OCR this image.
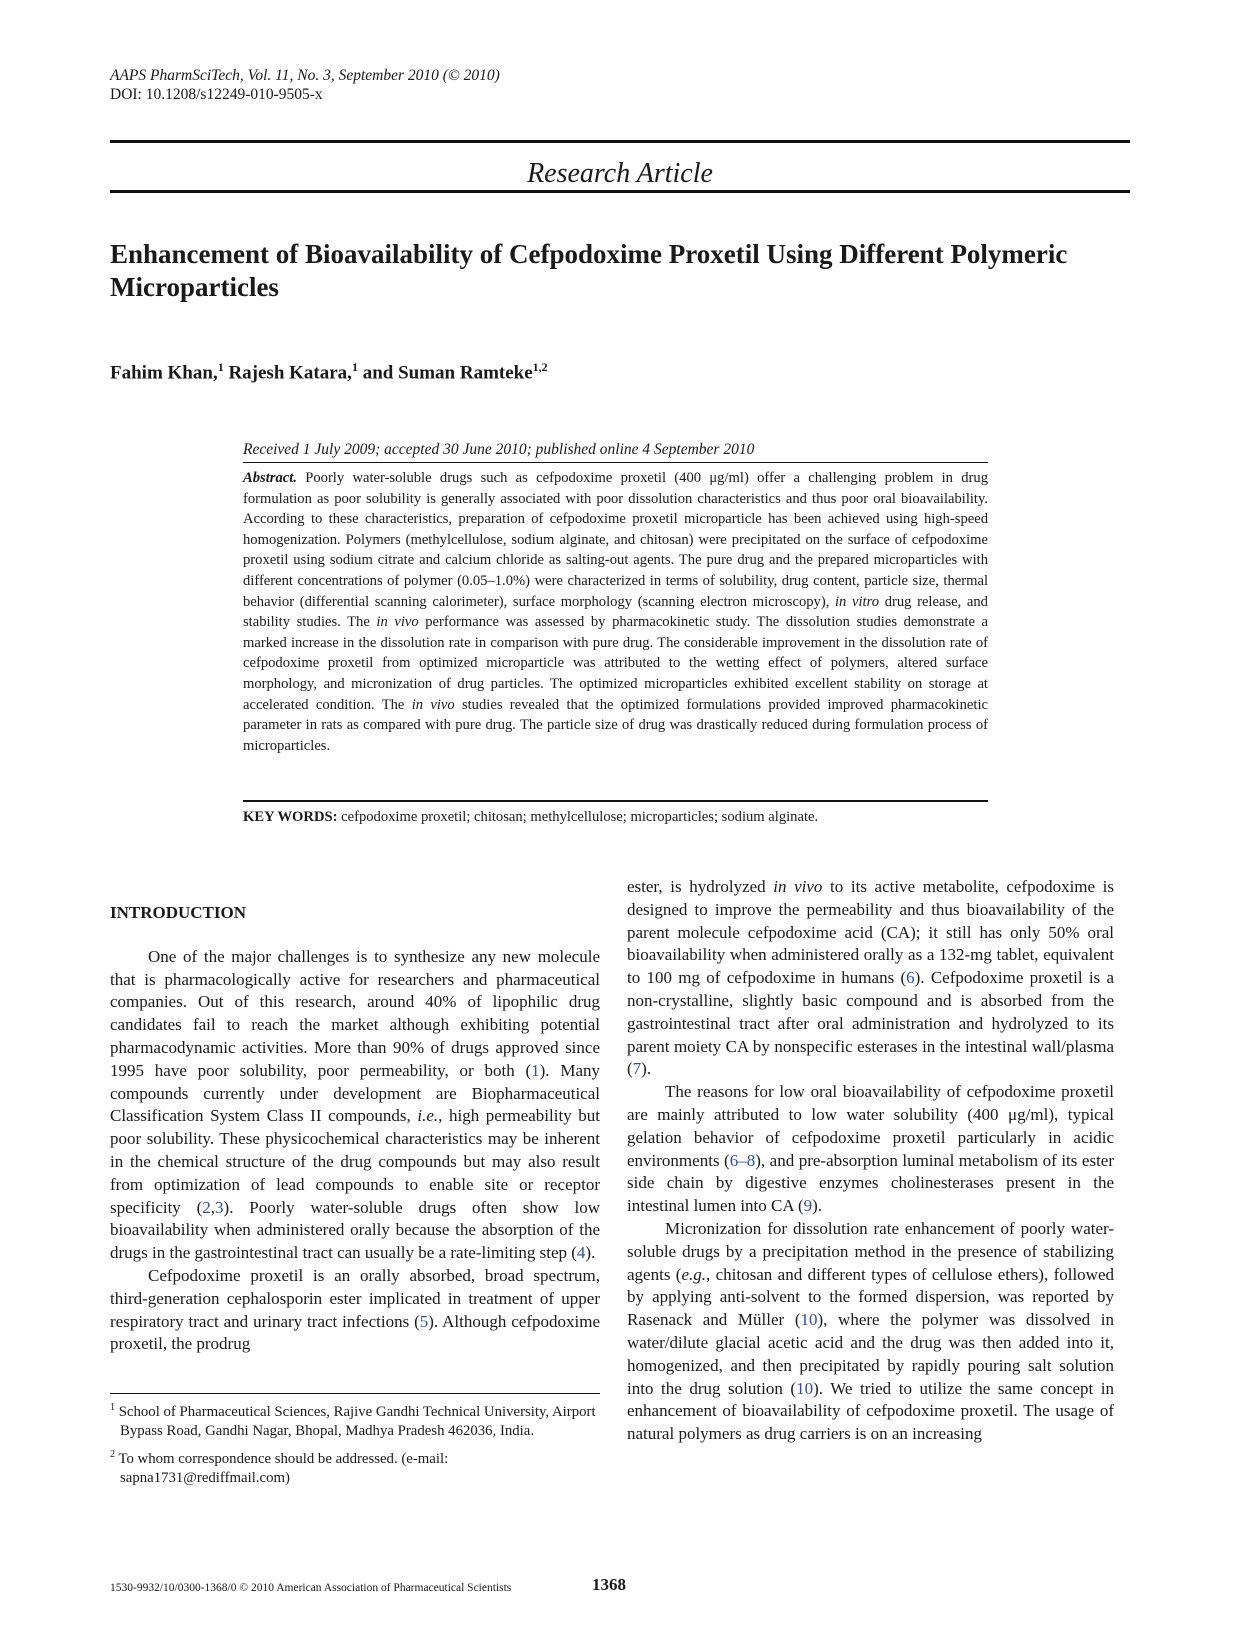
AAPS PharmSciTech, Vol. 11, No. 3, September 2010 (© 2010)
DOI: 10.1208/s12249-010-9505-x
Research Article
Enhancement of Bioavailability of Cefpodoxime Proxetil Using Different Polymeric Microparticles
Fahim Khan,$^1$ Rajesh Katara,$^1$ and Suman Ramteke$^{1,2}$
Received 1 July 2009; accepted 30 June 2010; published online 4 September 2010
Abstract. Poorly water-soluble drugs such as cefpodoxime proxetil (400 μg/ml) offer a challenging problem in drug formulation as poor solubility is generally associated with poor dissolution characteristics and thus poor oral bioavailability. According to these characteristics, preparation of cefpodoxime proxetil microparticle has been achieved using high-speed homogenization. Polymers (methylcellulose, sodium alginate, and chitosan) were precipitated on the surface of cefpodoxime proxetil using sodium citrate and calcium chloride as salting-out agents. The pure drug and the prepared microparticles with different concentrations of polymer (0.05–1.0%) were characterized in terms of solubility, drug content, particle size, thermal behavior (differential scanning calorimeter), surface morphology (scanning electron microscopy), in vitro drug release, and stability studies. The in vivo performance was assessed by pharmacokinetic study. The dissolution studies demonstrate a marked increase in the dissolution rate in comparison with pure drug. The considerable improvement in the dissolution rate of cefpodoxime proxetil from optimized microparticle was attributed to the wetting effect of polymers, altered surface morphology, and micronization of drug particles. The optimized microparticles exhibited excellent stability on storage at accelerated condition. The in vivo studies revealed that the optimized formulations provided improved pharmacokinetic parameter in rats as compared with pure drug. The particle size of drug was drastically reduced during formulation process of microparticles.
KEY WORDS: cefpodoxime proxetil; chitosan; methylcellulose; microparticles; sodium alginate.

INTRODUCTION

One of the major challenges is to synthesize any new molecule that is pharmacologically active for researchers and pharmaceutical companies. Out of this research, around 40% of lipophilic drug candidates fail to reach the market although exhibiting potential pharmacodynamic activities. More than 90% of drugs approved since 1995 have poor solubility, poor permeability, or both (1). Many compounds currently under development are Biopharmaceutical Classification System Class II compounds, i.e., high permeability but poor solubility. These physicochemical characteristics may be inherent in the chemical structure of the drug compounds but may also result from optimization of lead compounds to enable site or receptor specificity (2,3). Poorly water-soluble drugs often show low bioavailability when administered orally because the absorption of the drugs in the gastrointestinal tract can usually be a rate-limiting step (4).

Cefpodoxime proxetil is an orally absorbed, broad spectrum, third-generation cephalosporin ester implicated in treatment of upper respiratory tract and urinary tract infections (5). Although cefpodoxime proxetil, the prodrug

$^1$ School of Pharmaceutical Sciences, Rajive Gandhi Technical University, Airport Bypass Road, Gandhi Nagar, Bhopal, Madhya Pradesh 462036, India.
$^2$ To whom correspondence should be addressed. (e-mail: sapna1731@rediffmail.com)

ester, is hydrolyzed in vivo to its active metabolite, cefpodoxime is designed to improve the permeability and thus bioavailability of the parent molecule cefpodoxime acid (CA); it still has only 50% oral bioavailability when administered orally as a 132-mg tablet, equivalent to 100 mg of cefpodoxime in humans (6). Cefpodoxime proxetil is a non-crystalline, slightly basic compound and is absorbed from the gastrointestinal tract after oral administration and hydrolyzed to its parent moiety CA by nonspecific esterases in the intestinal wall/plasma (7).

The reasons for low oral bioavailability of cefpodoxime proxetil are mainly attributed to low water solubility (400 μg/ml), typical gelation behavior of cefpodoxime proxetil particularly in acidic environments (6–8), and pre-absorption luminal metabolism of its ester side chain by digestive enzymes cholinesterases present in the intestinal lumen into CA (9).

Micronization for dissolution rate enhancement of poorly water-soluble drugs by a precipitation method in the presence of stabilizing agents (e.g., chitosan and different types of cellulose ethers), followed by applying anti-solvent to the formed dispersion, was reported by Rasenack and Müller (10), where the polymer was dissolved in water/dilute glacial acetic acid and the drug was then added into it, homogenized, and then precipitated by rapidly pouring salt solution into the drug solution (10). We tried to utilize the same concept in enhancement of bioavailability of cefpodoxime proxetil. The usage of natural polymers as drug carriers is on an increasing

1530-9932/10/0300-1368/0 © 2010 American Association of Pharmaceutical Scientists	1368
